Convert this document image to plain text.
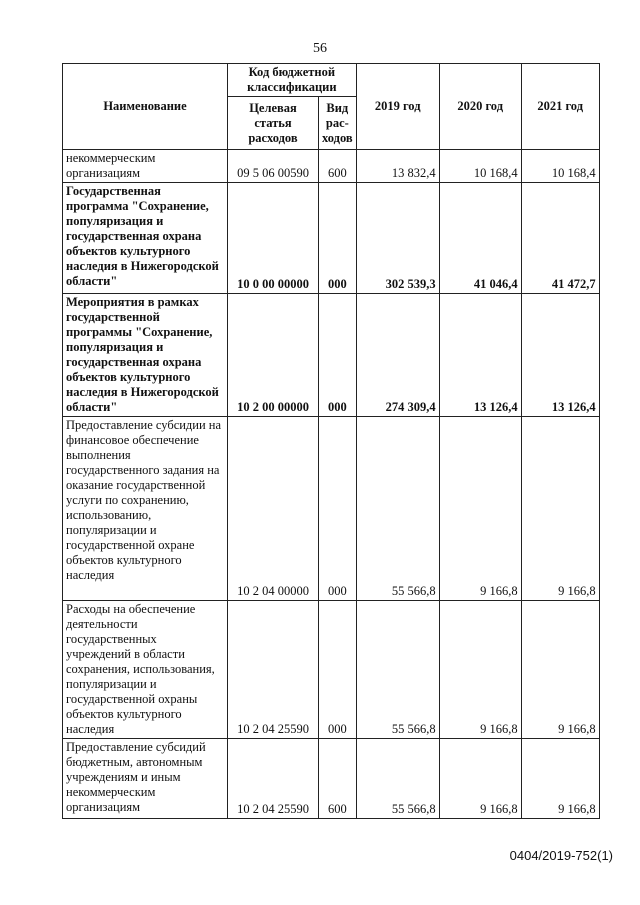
56
Наименование	Код бюджетной классификации		2019 год	2020 год	2021 год
	Целевая статья расходов	Вид рас-ходов			
некоммерческим организациям	09 5 06 00590	600	13 832,4	10 168,4	10 168,4
Государственная программа "Сохранение, популяризация и государственная охрана объектов культурного наследия в Нижегородской области"	10 0 00 00000	000	302 539,3	41 046,4	41 472,7
Мероприятия в рамках государственной программы "Сохранение, популяризация и государственная охрана объектов культурного наследия в Нижегородской области"	10 2 00 00000	000	274 309,4	13 126,4	13 126,4
Предоставление субсидии на финансовое обеспечение выполнения государственного задания на оказание государственной услуги по сохранению, использованию, популяризации и государственной охране объектов культурного наследия	10 2 04 00000	000	55 566,8	9 166,8	9 166,8
Расходы на обеспечение деятельности государственных учреждений в области сохранения, использования, популяризации и государственной охраны объектов культурного наследия	10 2 04 25590	000	55 566,8	9 166,8	9 166,8
Предоставление субсидий бюджетным, автономным учреждениям и иным некоммерческим организациям	10 2 04 25590	600	55 566,8	9 166,8	9 166,8
0404/2019-752(1)
